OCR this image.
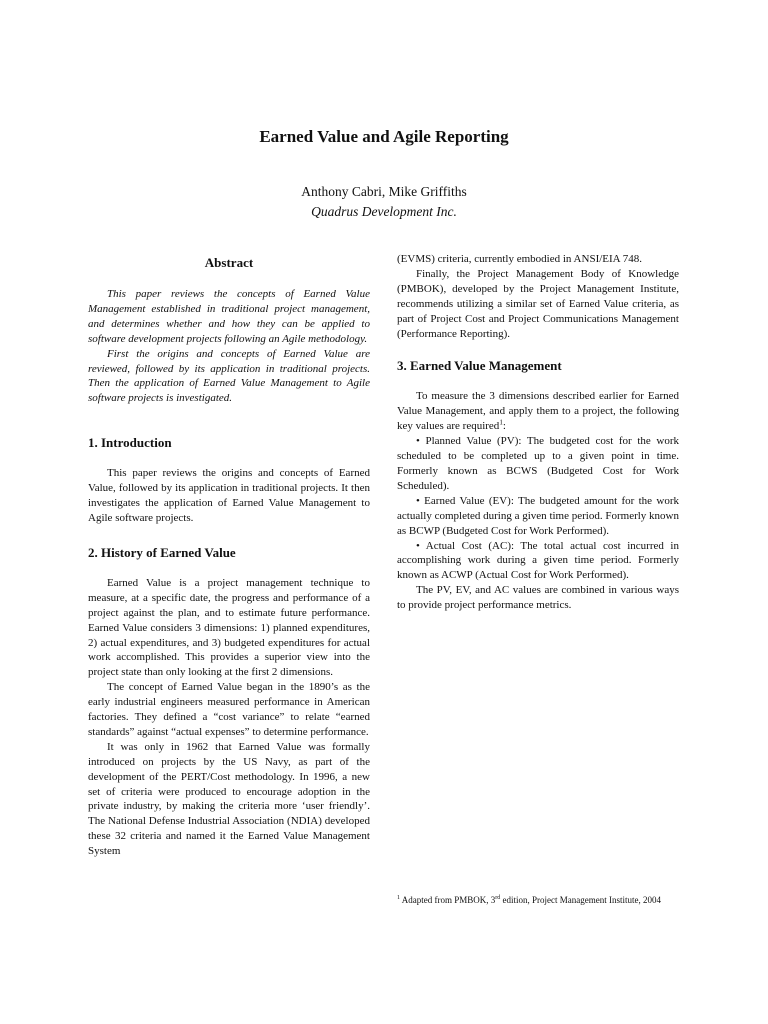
Earned Value and Agile Reporting

Anthony Cabri, Mike Griffiths

Quadrus Development Inc.

Abstract

This paper reviews the concepts of Earned Value Management established in traditional project management, and determines whether and how they can be applied to software development projects following an Agile methodology.

First the origins and concepts of Earned Value are reviewed, followed by its application in traditional projects. Then the application of Earned Value Management to Agile software projects is investigated.

1. Introduction

This paper reviews the origins and concepts of Earned Value, followed by its application in traditional projects. It then investigates the application of Earned Value Management to Agile software projects.

2. History of Earned Value

Earned Value is a project management technique to measure, at a specific date, the progress and performance of a project against the plan, and to estimate future performance. Earned Value considers 3 dimensions: 1) planned expenditures, 2) actual expenditures, and 3) budgeted expenditures for actual work accomplished. This provides a superior view into the project state than only looking at the first 2 dimensions.

The concept of Earned Value began in the 1890’s as the early industrial engineers measured performance in American factories. They defined a “cost variance” to relate “earned standards” against “actual expenses” to determine performance.

It was only in 1962 that Earned Value was formally introduced on projects by the US Navy, as part of the development of the PERT/Cost methodology. In 1996, a new set of criteria were produced to encourage adoption in the private industry, by making the criteria more ‘user friendly’. The National Defense Industrial Association (NDIA) developed these 32 criteria and named it the Earned Value Management System

(EVMS) criteria, currently embodied in ANSI/EIA 748.

Finally, the Project Management Body of Knowledge (PMBOK), developed by the Project Management Institute, recommends utilizing a similar set of Earned Value criteria, as part of Project Cost and Project Communications Management (Performance Reporting).

3. Earned Value Management

To measure the 3 dimensions described earlier for Earned Value Management, and apply them to a project, the following key values are required$^1$:

• Planned Value (PV): The budgeted cost for the work scheduled to be completed up to a given point in time. Formerly known as BCWS (Budgeted Cost for Work Scheduled).

• Earned Value (EV): The budgeted amount for the work actually completed during a given time period. Formerly known as BCWP (Budgeted Cost for Work Performed).

• Actual Cost (AC): The total actual cost incurred in accomplishing work during a given time period. Formerly known as ACWP (Actual Cost for Work Performed).

The PV, EV, and AC values are combined in various ways to provide project performance metrics.

$^1$ Adapted from PMBOK, 3rd edition, Project Management Institute, 2004
